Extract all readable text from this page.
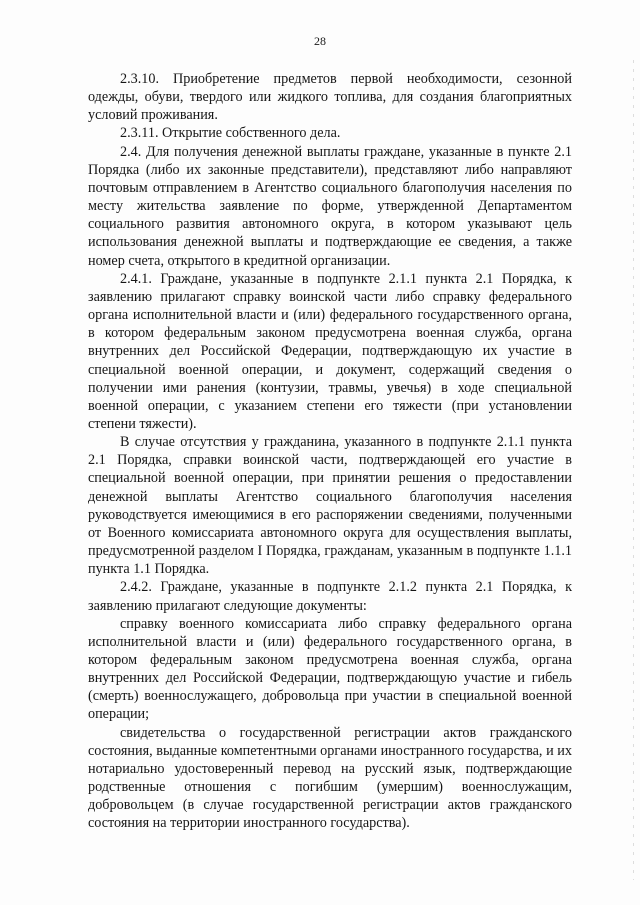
28

2.3.10. Приобретение предметов первой необходимости, сезонной одежды, обуви, твердого или жидкого топлива, для создания благоприятных условий проживания.

2.3.11. Открытие собственного дела.

2.4. Для получения денежной выплаты граждане, указанные в пункте 2.1 Порядка (либо их законные представители), представляют либо направляют почтовым отправлением в Агентство социального благополучия населения по месту жительства заявление по форме, утвержденной Департаментом социального развития автономного округа, в котором указывают цель использования денежной выплаты и подтверждающие ее сведения, а также номер счета, открытого в кредитной организации.

2.4.1. Граждане, указанные в подпункте 2.1.1 пункта 2.1 Порядка, к заявлению прилагают справку воинской части либо справку федерального органа исполнительной власти и (или) федерального государственного органа, в котором федеральным законом предусмотрена военная служба, органа внутренних дел Российской Федерации, подтверждающую их участие в специальной военной операции, и документ, содержащий сведения о получении ими ранения (контузии, травмы, увечья) в ходе специальной военной операции, с указанием степени его тяжести (при установлении степени тяжести).

В случае отсутствия у гражданина, указанного в подпункте 2.1.1 пункта 2.1 Порядка, справки воинской части, подтверждающей его участие в специальной военной операции, при принятии решения о предоставлении денежной выплаты Агентство социального благополучия населения руководствуется имеющимися в его распоряжении сведениями, полученными от Военного комиссариата автономного округа для осуществления выплаты, предусмотренной разделом I Порядка, гражданам, указанным в подпункте 1.1.1 пункта 1.1 Порядка.

2.4.2. Граждане, указанные в подпункте 2.1.2 пункта 2.1 Порядка, к заявлению прилагают следующие документы:

справку военного комиссариата либо справку федерального органа исполнительной власти и (или) федерального государственного органа, в котором федеральным законом предусмотрена военная служба, органа внутренних дел Российской Федерации, подтверждающую участие и гибель (смерть) военнослужащего, добровольца при участии в специальной военной операции;

свидетельства о государственной регистрации актов гражданского состояния, выданные компетентными органами иностранного государства, и их нотариально удостоверенный перевод на русский язык, подтверждающие родственные отношения с погибшим (умершим) военнослужащим, добровольцем (в случае государственной регистрации актов гражданского состояния на территории иностранного государства).
